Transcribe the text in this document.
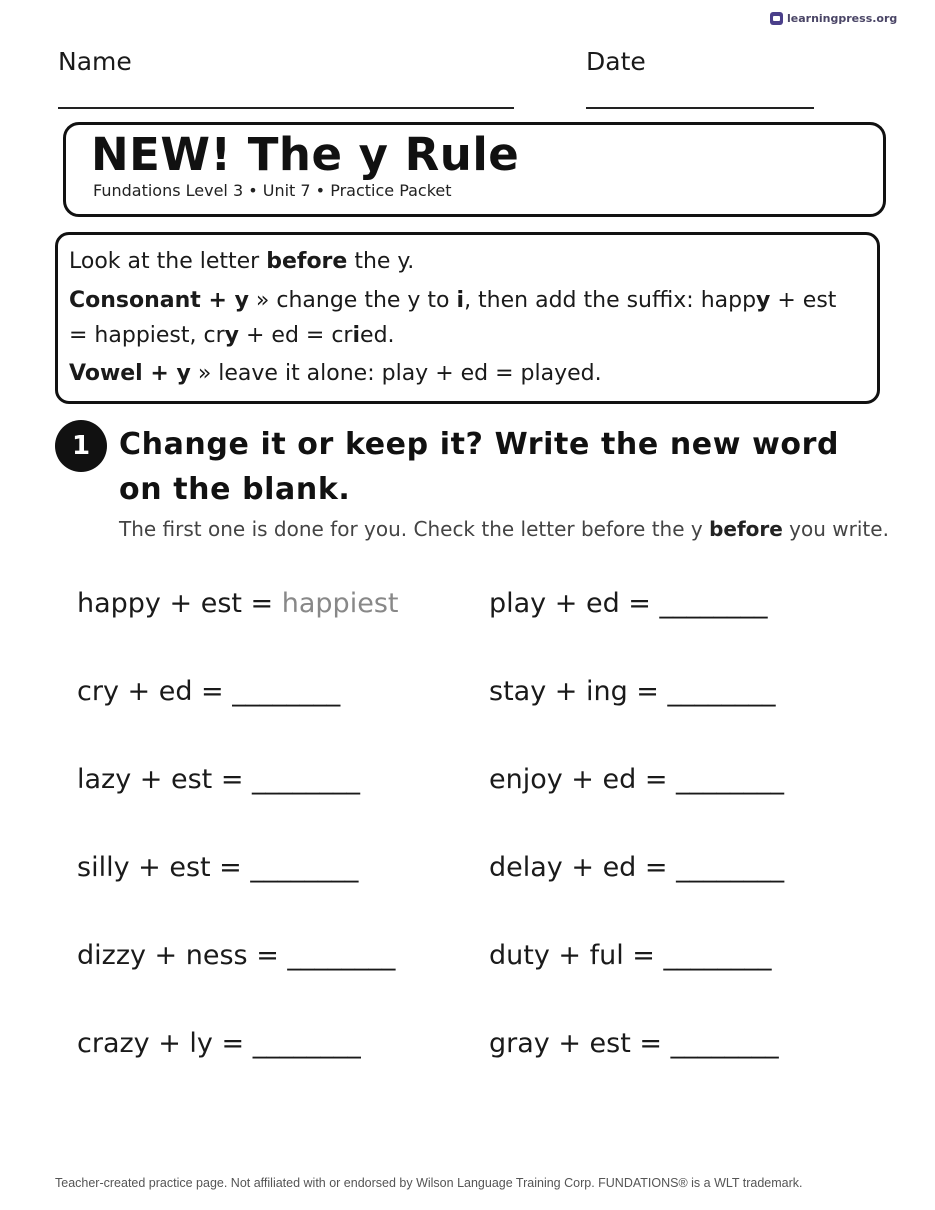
learningpress.org
Name	Date
NEW! The y Rule
Fundations Level 3 • Unit 7 • Practice Packet
Look at the letter before the y.
Consonant + y » change the y to i, then add the suffix: happy + est = happiest, cry + ed = cried.
Vowel + y » leave it alone: play + ed = played.
1 Change it or keep it? Write the new word on the blank.
The first one is done for you. Check the letter before the y before you write.
happy + est = happiest
cry + ed = ________
lazy + est = ________
silly + est = ________
dizzy + ness = ________
crazy + ly = ________
play + ed = ________
stay + ing = ________
enjoy + ed = ________
delay + ed = ________
duty + ful = ________
gray + est = ________
Teacher-created practice page. Not affiliated with or endorsed by Wilson Language Training Corp. FUNDATIONS® is a WLT trademark.
